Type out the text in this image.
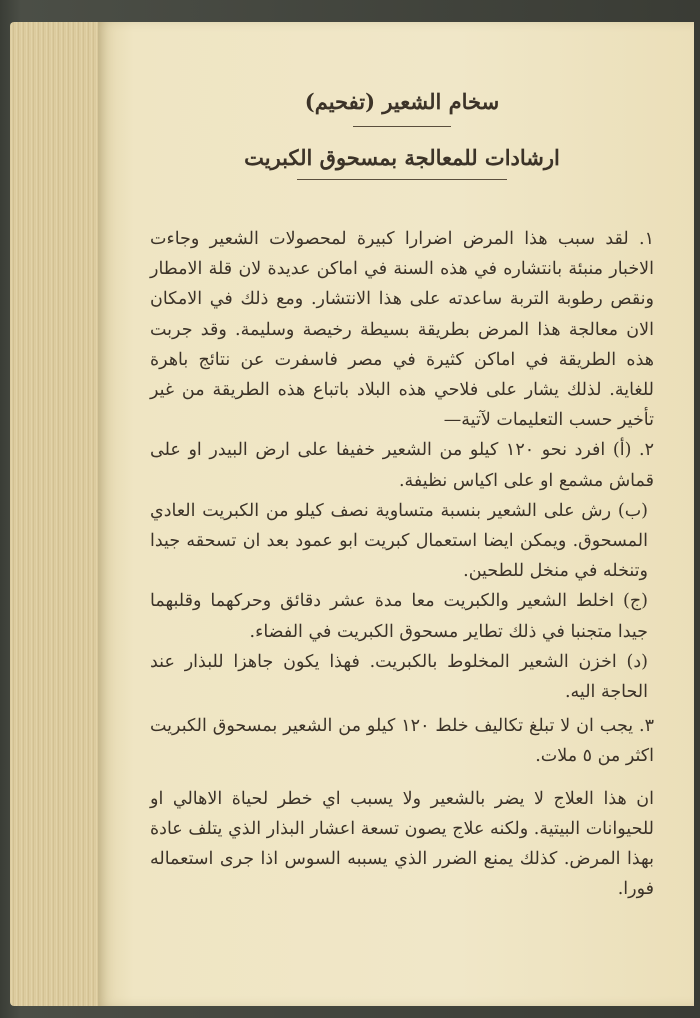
سخام الشعير (تفحيم)
ارشادات للمعالجة بمسحوق الكبريت

١. لقد سبب هذا المرض اضرارا كبيرة لمحصولات الشعير وجاءت الاخبار منبئة بانتشاره في هذه السنة في اماكن عديدة لان قلة الامطار ونقص رطوبة التربة ساعدته على هذا الانتشار. ومع ذلك في الامكان الان معالجة هذا المرض بطريقة بسيطة رخيصة وسليمة. وقد جربت هذه الطريقة في اماكن كثيرة في مصر فاسفرت عن نتائج باهرة للغاية. لذلك يشار على فلاحي هذه البلاد باتباع هذه الطريقة من غير تأخير حسب التعليمات لآتية—

٢. (أ) افرد نحو ١٢٠ كيلو من الشعير خفيفا على ارض البيدر او على قماش مشمع او على اكياس نظيفة.

(ب) رش على الشعير بنسبة متساوية نصف كيلو من الكبريت العادي المسحوق. ويمكن ايضا استعمال كبريت ابو عمود بعد ان تسحقه جيدا وتنخله في منخل للطحين.

(ج) اخلط الشعير والكبريت معا مدة عشر دقائق وحركهما وقلبهما جيدا متجنبا في ذلك تطاير مسحوق الكبريت في الفضاء.

(د) اخزن الشعير المخلوط بالكبريت. فهذا يكون جاهزا للبذار عند الحاجة اليه.

٣. يجب ان لا تبلغ تكاليف خلط ١٢٠ كيلو من الشعير بمسحوق الكبريت اكثر من ٥ ملات.

ان هذا العلاج لا يضر بالشعير ولا يسبب اي خطر لحياة الاهالي او للحيوانات البيتية. ولكنه علاج يصون تسعة اعشار البذار الذي يتلف عادة بهذا المرض. كذلك يمنع الضرر الذي يسببه السوس اذا جرى استعماله فورا.
